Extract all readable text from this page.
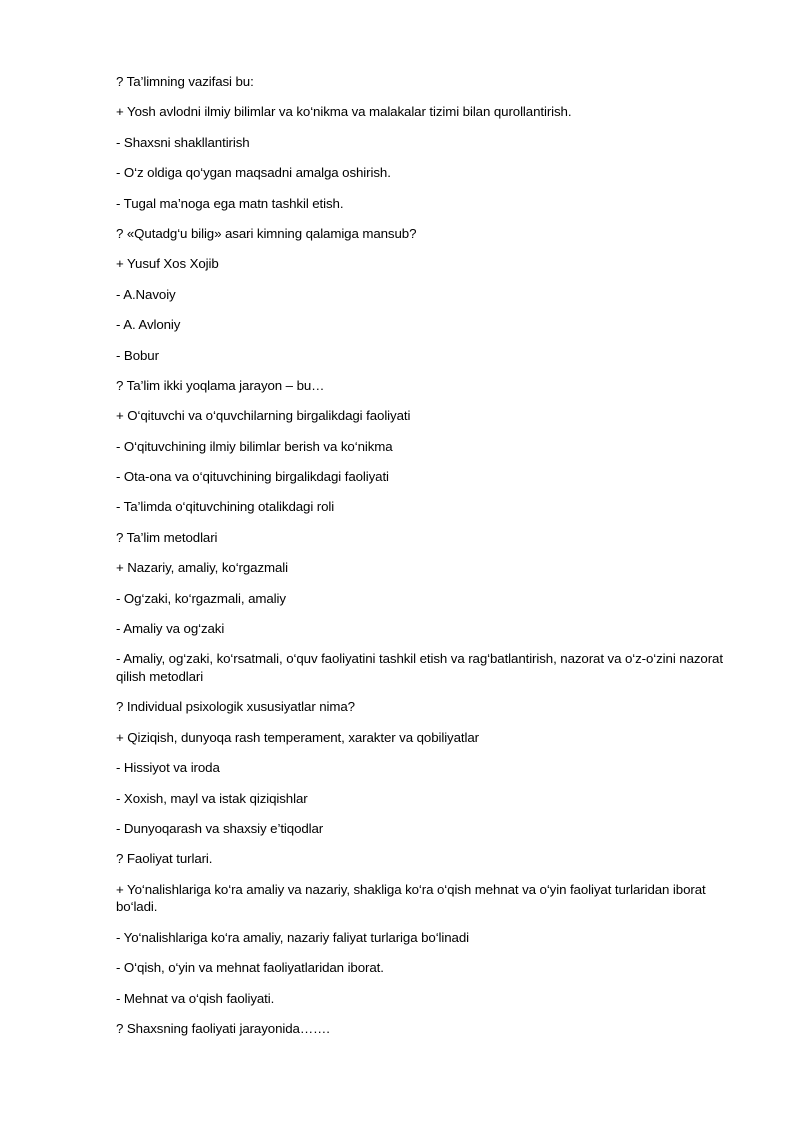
? Ta’limning vazifasi bu:

+ Yosh avlodni ilmiy bilimlar va ko‘nikma va malakalar tizimi bilan qurollantirish.

- Shaxsni shakllantirish

- O‘z oldiga qo‘ygan maqsadni amalga oshirish.

- Tugal ma’noga ega matn tashkil etish.

? «Qutadg‘u bilig» asari kimning qalamiga mansub?

+ Yusuf Xos Xojib

- A.Navoiy

- A. Avloniy

- Bobur

? Ta’lim ikki yoqlama jarayon – bu…

+ O‘qituvchi va o‘quvchilarning birgalikdagi faoliyati

- O‘qituvchining ilmiy bilimlar berish va ko‘nikma

- Ota-ona va o‘qituvchining birgalikdagi faoliyati

- Ta’limda o‘qituvchining otalikdagi roli

? Ta’lim metodlari

+ Nazariy, amaliy, ko‘rgazmali

- Og‘zaki, ko‘rgazmali, amaliy

- Amaliy va og‘zaki

- Amaliy, og‘zaki, ko‘rsatmali, o‘quv faoliyatini tashkil etish va rag‘batlantirish, nazorat va o‘z-o‘zini nazorat qilish metodlari

? Individual psixologik xususiyatlar nima?

+ Qiziqish, dunyoqa rash temperament, xarakter va qobiliyatlar

- Hissiyot va iroda

- Xoxish, mayl va istak qiziqishlar

- Dunyoqarash va shaxsiy e’tiqodlar

? Faoliyat turlari.

+ Yo‘nalishlariga ko‘ra amaliy va nazariy, shakliga ko‘ra o‘qish mehnat va o‘yin faoliyat turlaridan iborat bo‘ladi.

- Yo‘nalishlariga ko‘ra amaliy, nazariy faliyat turlariga bo‘linadi

- O‘qish, o‘yin va mehnat faoliyatlaridan iborat.

- Mehnat va o‘qish faoliyati.

? Shaxsning faoliyati jarayonida…….
